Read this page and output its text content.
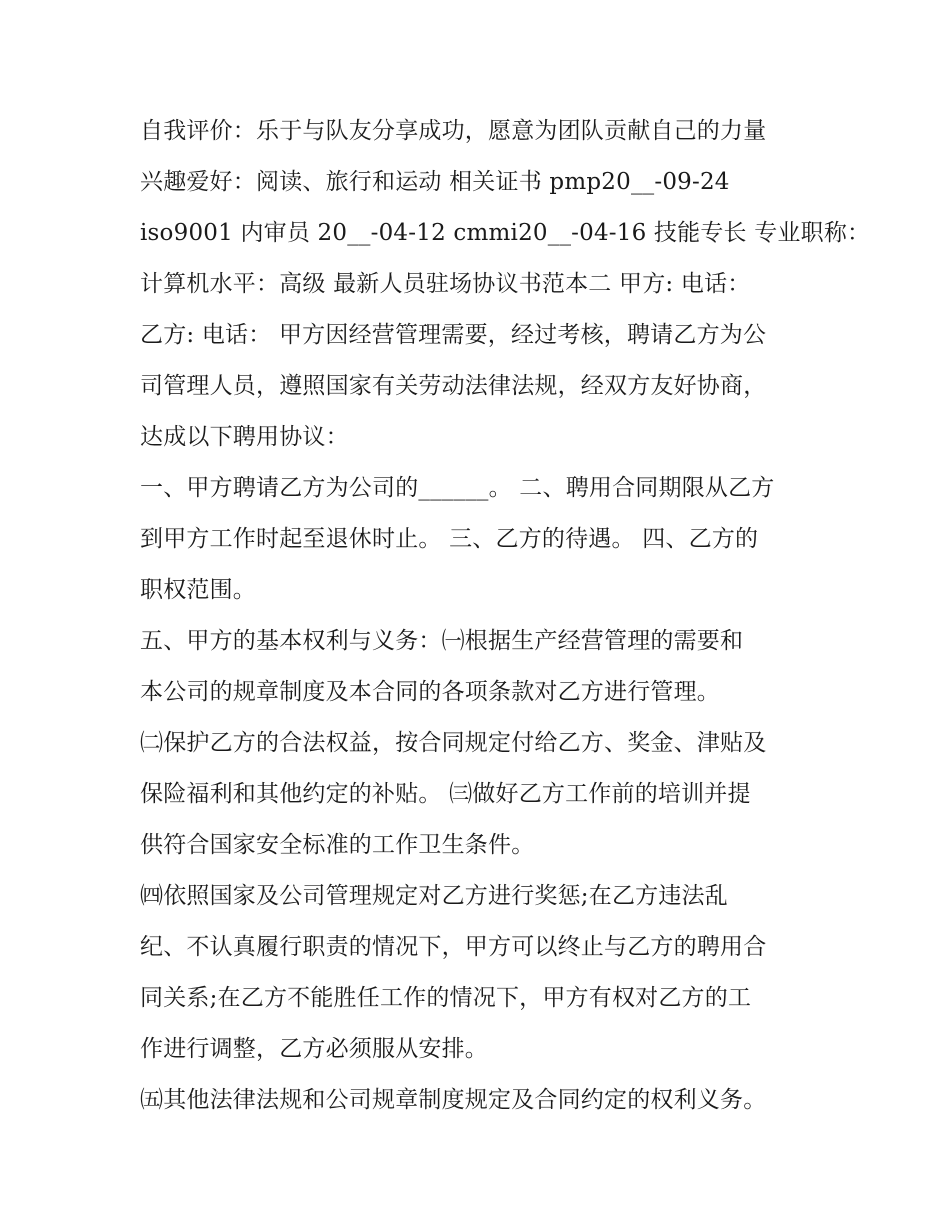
自我评价：乐于与队友分享成功，愿意为团队贡献自己的力量
兴趣爱好：阅读、旅行和运动 相关证书 pmp20__-09-24
iso9001 内审员 20__-04-12 cmmi20__-04-16 技能专长 专业职称：
计算机水平：高级 最新人员驻场协议书范本二 甲方: 电话：
乙方: 电话： 甲方因经营管理需要，经过考核，聘请乙方为公
司管理人员，遵照国家有关劳动法律法规，经双方友好协商，
达成以下聘用协议：
一、甲方聘请乙方为公司的______。 二、聘用合同期限从乙方
到甲方工作时起至退休时止。 三、乙方的待遇。 四、乙方的
职权范围。
五、甲方的基本权利与义务：㈠根据生产经营管理的需要和
本公司的规章制度及本合同的各项条款对乙方进行管理。
㈡保护乙方的合法权益，按合同规定付给乙方、奖金、津贴及
保险福利和其他约定的补贴。 ㈢做好乙方工作前的培训并提
供符合国家安全标准的工作卫生条件。
㈣依照国家及公司管理规定对乙方进行奖惩;在乙方违法乱
纪、不认真履行职责的情况下，甲方可以终止与乙方的聘用合
同关系;在乙方不能胜任工作的情况下，甲方有权对乙方的工
作进行调整，乙方必须服从安排。
㈤其他法律法规和公司规章制度规定及合同约定的权利义务。
